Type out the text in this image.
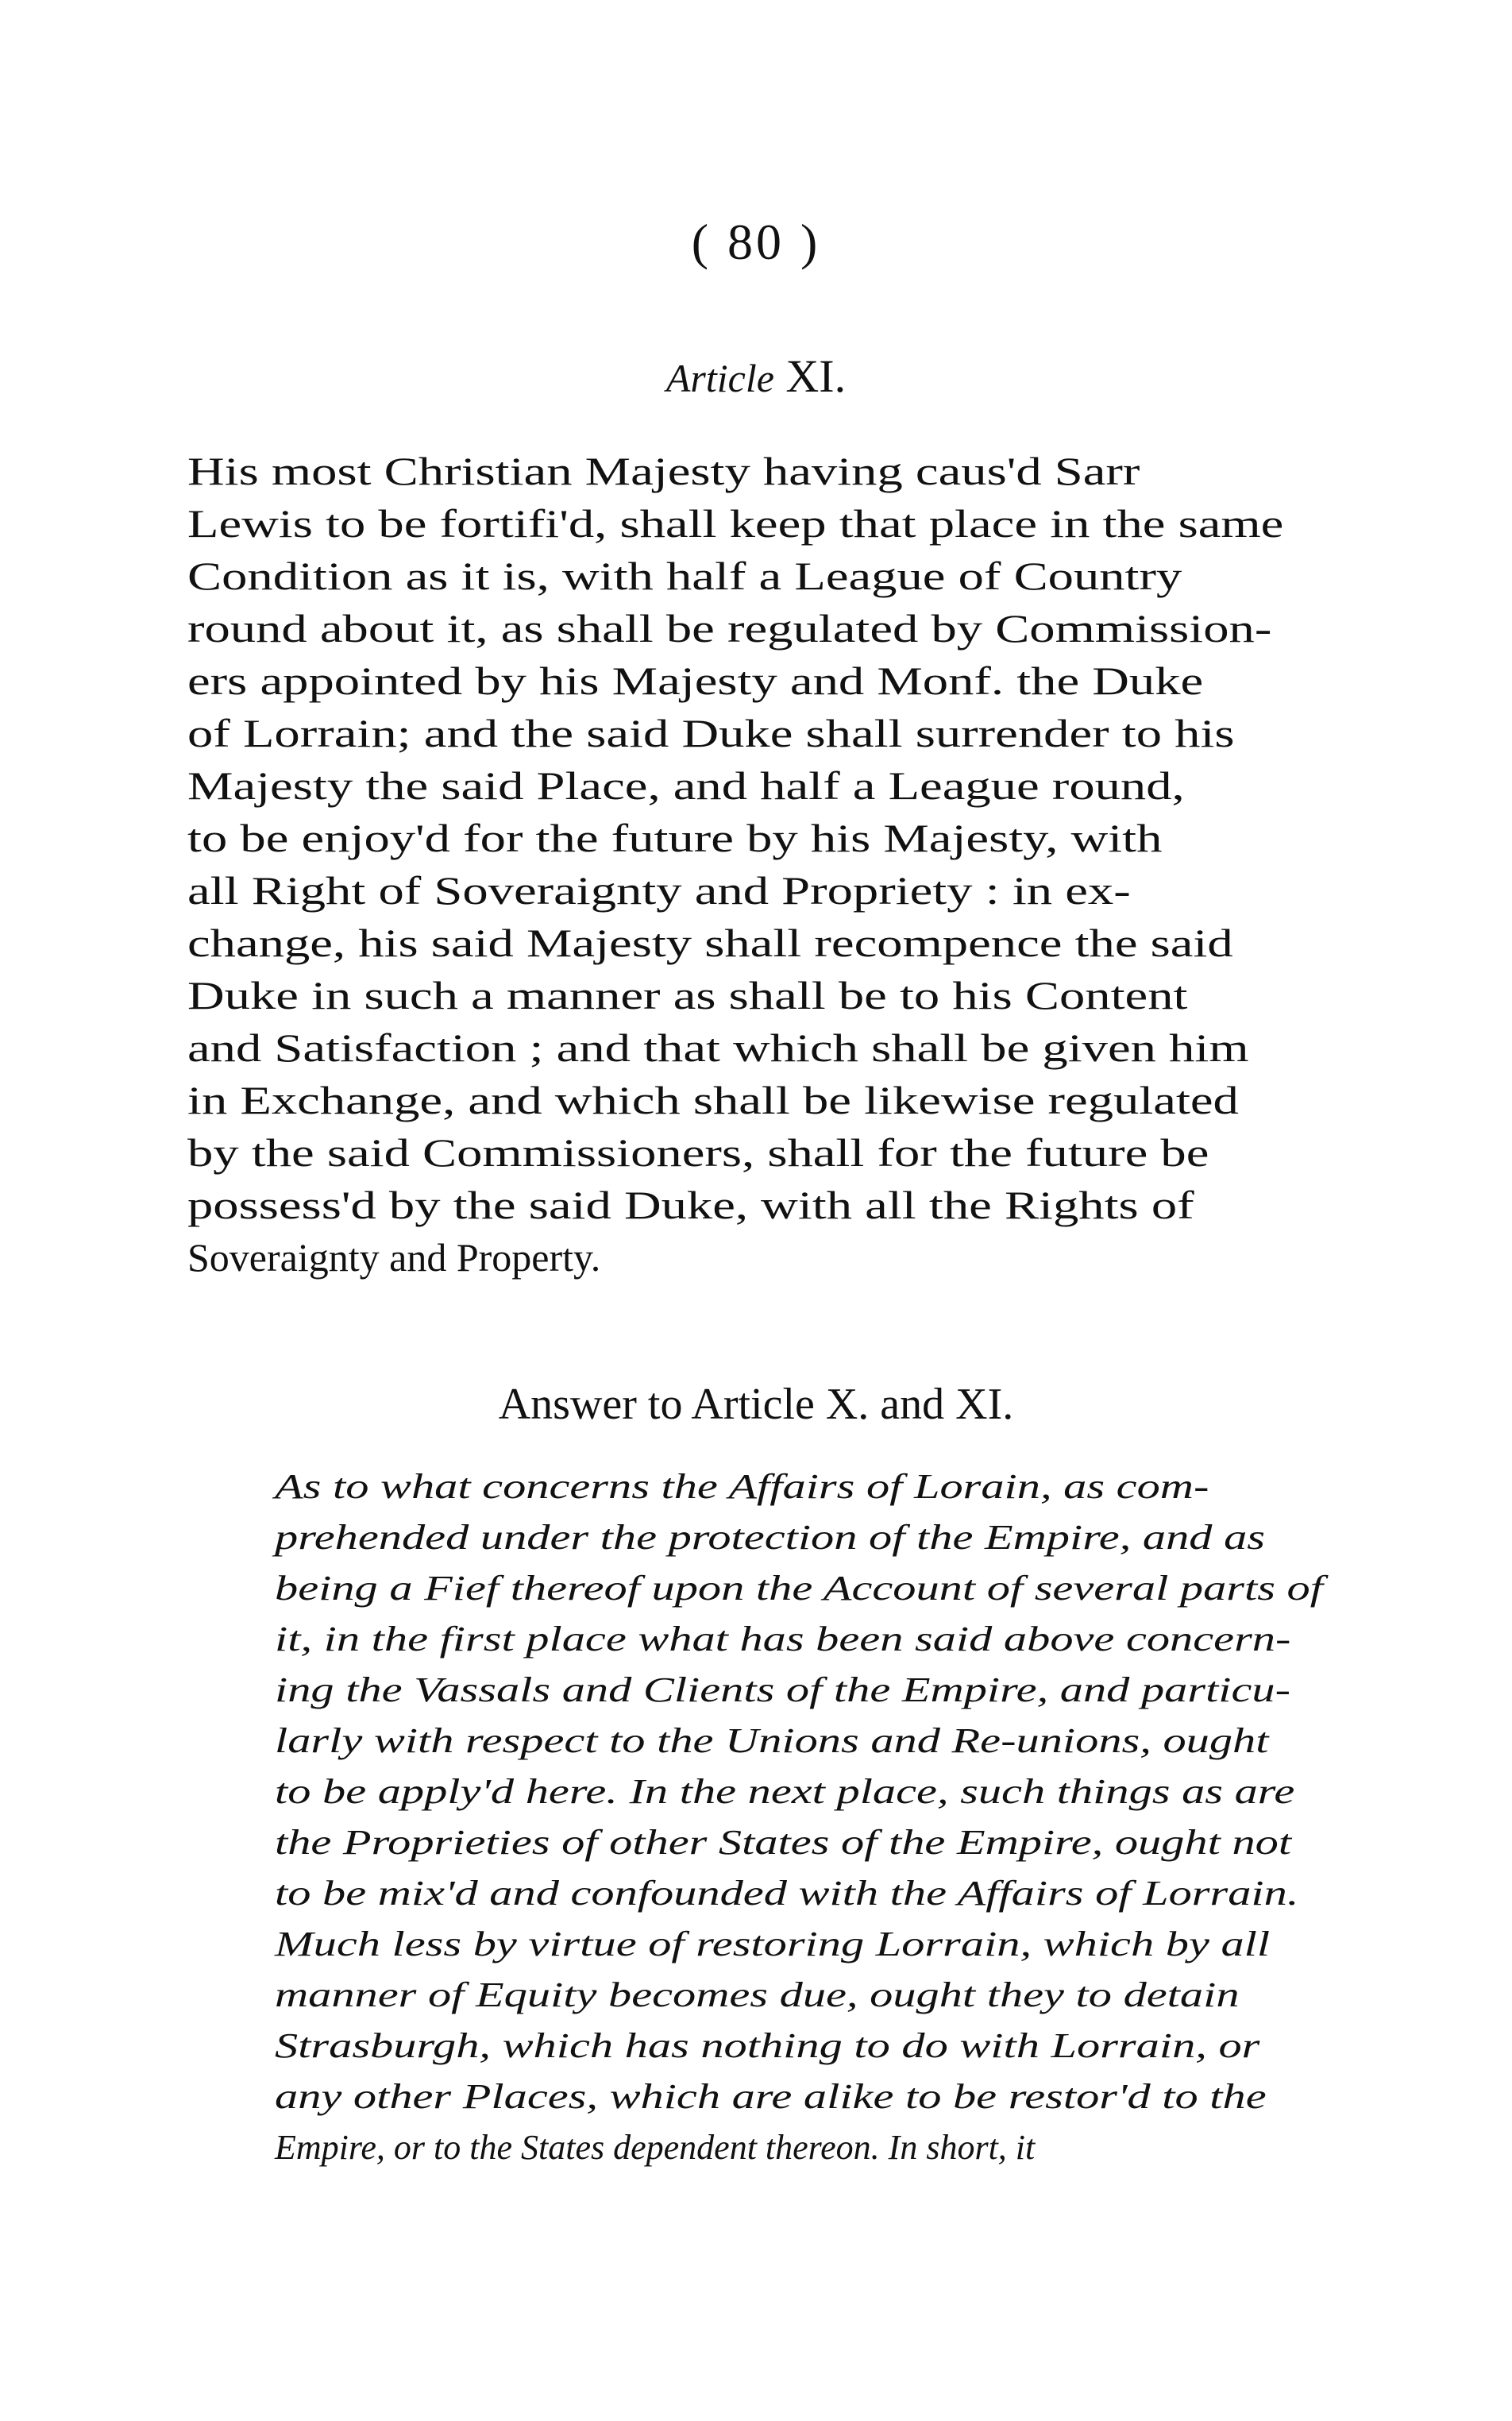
( 80 )
Article XI.
His most Christian Majesty having caus'd Sarr
Lewis to be fortifi'd, shall keep that place in the same
Condition as it is, with half a League of Country
round about it, as shall be regulated by Commission-
ers appointed by his Majesty and Monf. the Duke
of Lorrain; and the said Duke shall surrender to his
Majesty the said Place, and half a League round,
to be enjoy'd for the future by his Majesty, with
all Right of Soveraignty and Propriety : in ex-
change, his said Majesty shall recompence the said
Duke in such a manner as shall be to his Content
and Satisfaction ; and that which shall be given him
in Exchange, and which shall be likewise regulated
by the said Commissioners, shall for the future be
possess'd by the said Duke, with all the Rights of
Soveraignty and Property.
Answer to Article X. and XI.
As to what concerns the Affairs of Lorain, as com-
prehended under the protection of the Empire, and as
being a Fief thereof upon the Account of several parts of
it, in the first place what has been said above concern-
ing the Vassals and Clients of the Empire, and particu-
larly with respect to the Unions and Re-unions, ought
to be apply'd here. In the next place, such things as are
the Proprieties of other States of the Empire, ought not
to be mix'd and confounded with the Affairs of Lorrain.
Much less by virtue of restoring Lorrain, which by all
manner of Equity becomes due, ought they to detain
Strasburgh, which has nothing to do with Lorrain, or
any other Places, which are alike to be restor'd to the
Empire, or to the States dependent thereon. In short, it
